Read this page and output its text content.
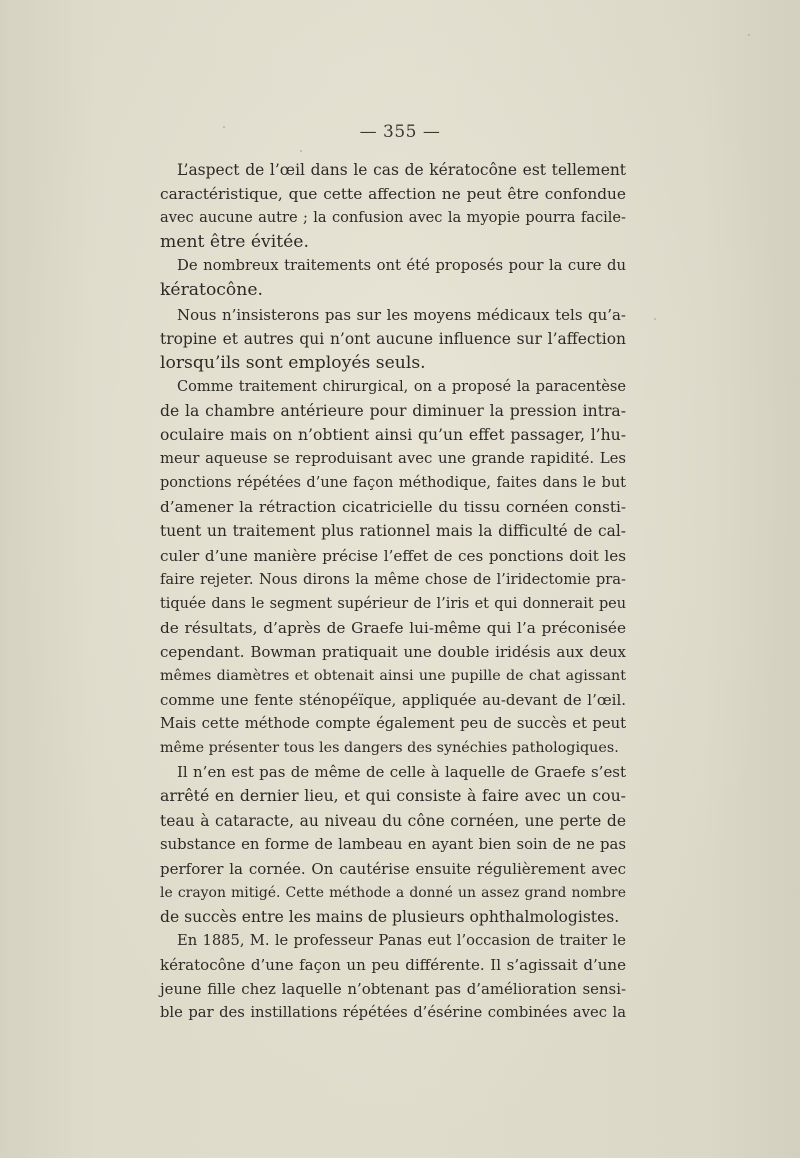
— 355 —
L’aspect de l’œil dans le cas de kératocône est tellement
caractéristique, que cette affection ne peut être confondue
avec aucune autre ; la confusion avec la myopie pourra facile-
ment être évitée.
De nombreux traitements ont été proposés pour la cure du
kératocône.
Nous n’insisterons pas sur les moyens médicaux tels qu’a-
tropine et autres qui n’ont aucune influence sur l’affection
lorsqu’ils sont employés seuls.
Comme traitement chirurgical, on a proposé la paracentèse
de la chambre antérieure pour diminuer la pression intra-
oculaire mais on n’obtient ainsi qu’un effet passager, l’hu-
meur aqueuse se reproduisant avec une grande rapidité. Les
ponctions répétées d’une façon méthodique, faites dans le but
d’amener la rétraction cicatricielle du tissu cornéen consti-
tuent un traitement plus rationnel mais la difficulté de cal-
culer d’une manière précise l’effet de ces ponctions doit les
faire rejeter. Nous dirons la même chose de l’iridectomie pra-
tiquée dans le segment supérieur de l’iris et qui donnerait peu
de résultats, d’après de Graefe lui-même qui l’a préconisée
cependant. Bowman pratiquait une double iridésis aux deux
mêmes diamètres et obtenait ainsi une pupille de chat agissant
comme une fente sténopéïque, appliquée au-devant de l’œil.
Mais cette méthode compte également peu de succès et peut
même présenter tous les dangers des synéchies pathologiques.
Il n’en est pas de même de celle à laquelle de Graefe s’est
arrêté en dernier lieu, et qui consiste à faire avec un cou-
teau à cataracte, au niveau du cône cornéen, une perte de
substance en forme de lambeau en ayant bien soin de ne pas
perforer la cornée. On cautérise ensuite régulièrement avec
le crayon mitigé. Cette méthode a donné un assez grand nombre
de succès entre les mains de plusieurs ophthalmologistes.
En 1885, M. le professeur Panas eut l’occasion de traiter le
kératocône d’une façon un peu différente. Il s’agissait d’une
jeune fille chez laquelle n’obtenant pas d’amélioration sensi-
ble par des instillations répétées d’ésérine combinées avec la
